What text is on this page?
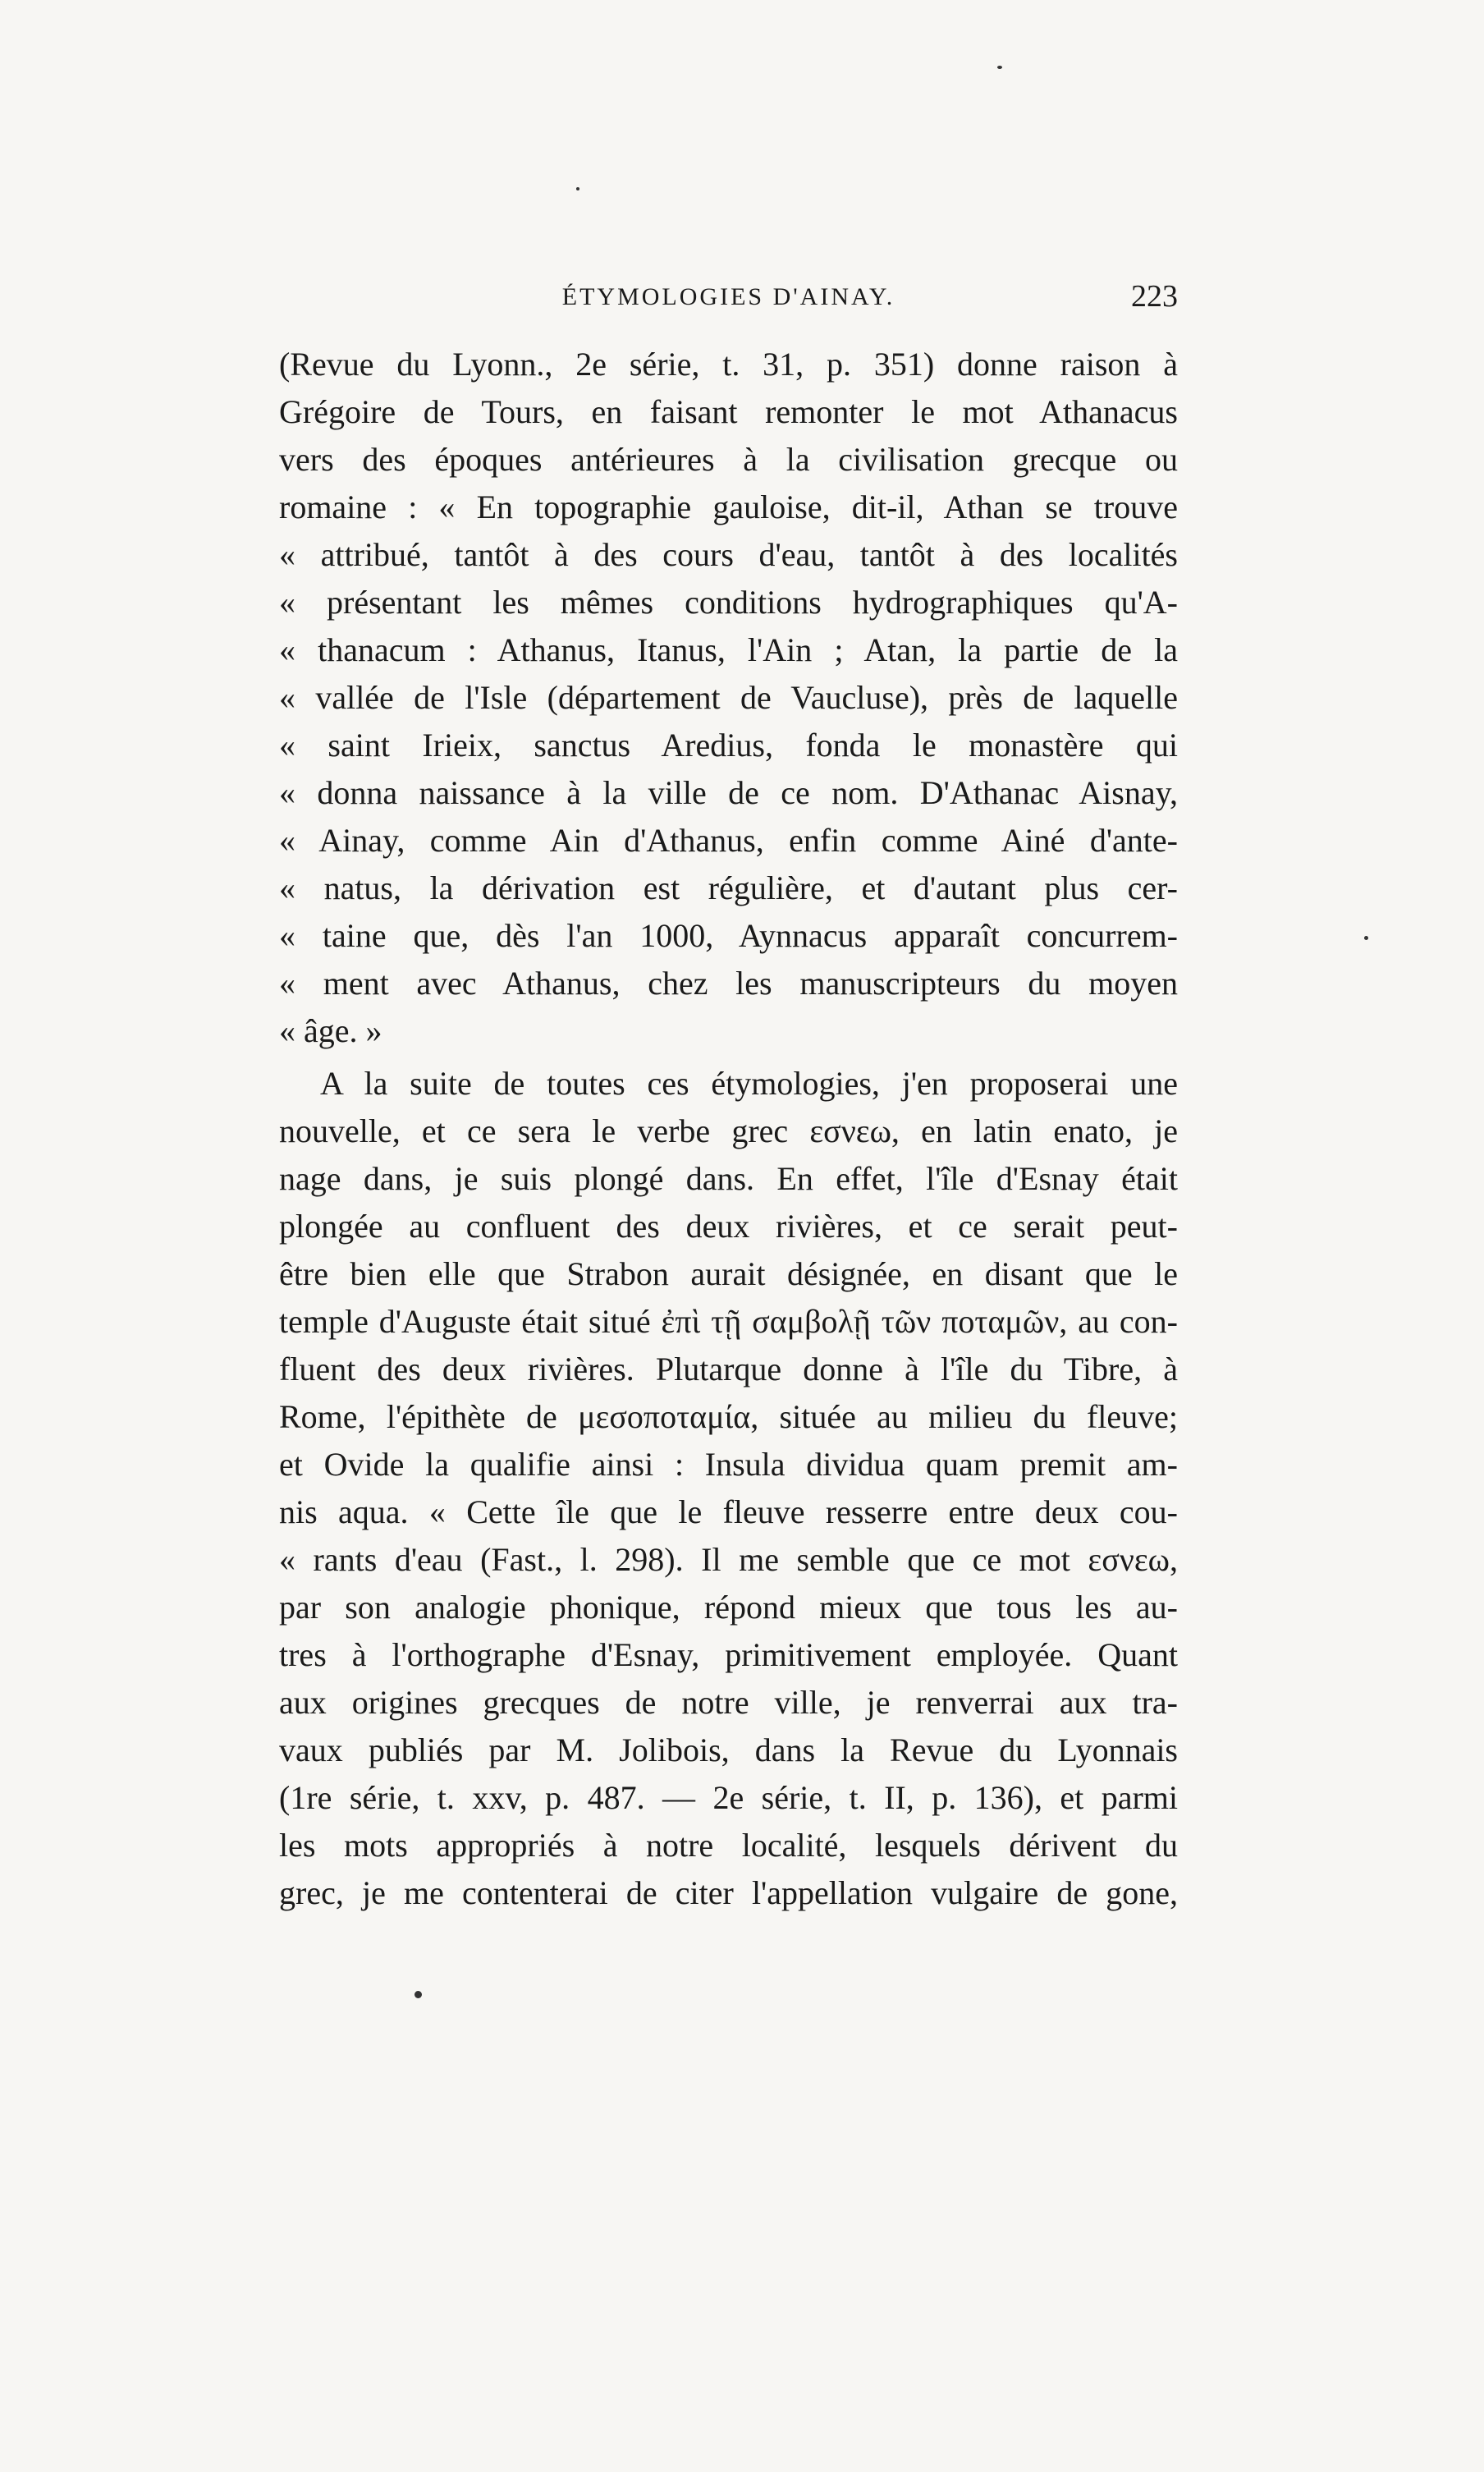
ÉTYMOLOGIES D'AINAY.	223
(Revue du Lyonn., 2e série, t. 31, p. 351) donne raison à
Grégoire de Tours, en faisant remonter le mot Athanacus
vers des époques antérieures à la civilisation grecque ou
romaine : « En topographie gauloise, dit-il, Athan se trouve
« attribué, tantôt à des cours d'eau, tantôt à des localités
« présentant les mêmes conditions hydrographiques qu'A-
« thanacum : Athanus, Itanus, l'Ain ; Atan, la partie de la
« vallée de l'Isle (département de Vaucluse), près de laquelle
« saint Irieix, sanctus Aredius, fonda le monastère qui
« donna naissance à la ville de ce nom. D'Athanac Aisnay,
« Ainay, comme Ain d'Athanus, enfin comme Ainé d'ante-
« natus, la dérivation est régulière, et d'autant plus cer-
« taine que, dès l'an 1000, Aynnacus apparaît concurrem-
« ment avec Athanus, chez les manuscripteurs du moyen
« âge. »
A la suite de toutes ces étymologies, j'en proposerai une
nouvelle, et ce sera le verbe grec εσνεω, en latin enato, je
nage dans, je suis plongé dans. En effet, l'île d'Esnay était
plongée au confluent des deux rivières, et ce serait peut-
être bien elle que Strabon aurait désignée, en disant que le
temple d'Auguste était situé ἐπὶ τῇ σαμβολῇ τῶν ποταμῶν, au con-
fluent des deux rivières. Plutarque donne à l'île du Tibre, à
Rome, l'épithète de μεσοποταμία, située au milieu du fleuve;
et Ovide la qualifie ainsi : Insula dividua quam premit am-
nis aqua. « Cette île que le fleuve resserre entre deux cou-
« rants d'eau (Fast., l. 298). Il me semble que ce mot εσνεω,
par son analogie phonique, répond mieux que tous les au-
tres à l'orthographe d'Esnay, primitivement employée. Quant
aux origines grecques de notre ville, je renverrai aux tra-
vaux publiés par M. Jolibois, dans la Revue du Lyonnais
(1re série, t. xxv, p. 487. — 2e série, t. II, p. 136), et parmi
les mots appropriés à notre localité, lesquels dérivent du
grec, je me contenterai de citer l'appellation vulgaire de gone,
